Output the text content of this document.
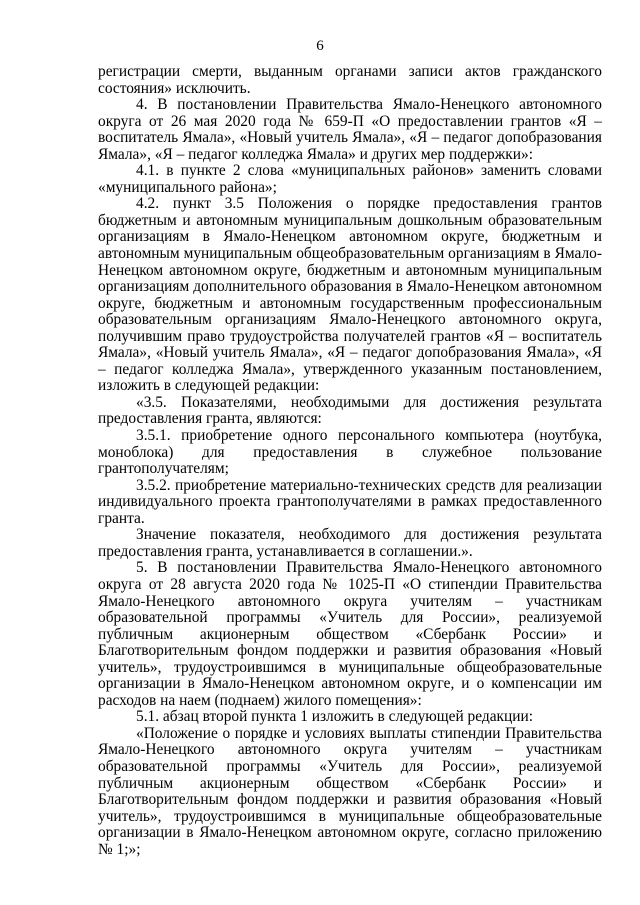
6

регистрации смерти, выданным органами записи актов гражданского состояния» исключить.

4. В постановлении Правительства Ямало-Ненецкого автономного округа от 26 мая 2020 года № 659-П «О предоставлении грантов «Я – воспитатель Ямала», «Новый учитель Ямала», «Я – педагог допобразования Ямала», «Я – педагог колледжа Ямала» и других мер поддержки»:

4.1. в пункте 2 слова «муниципальных районов» заменить словами «муниципального района»;

4.2. пункт 3.5 Положения о порядке предоставления грантов бюджетным и автономным муниципальным дошкольным образовательным организациям в Ямало-Ненецком автономном округе, бюджетным и автономным муниципальным общеобразовательным организациям в Ямало-Ненецком автономном округе, бюджетным и автономным муниципальным организациям дополнительного образования в Ямало-Ненецком автономном округе, бюджетным и автономным государственным профессиональным образовательным организациям Ямало-Ненецкого автономного округа, получившим право трудоустройства получателей грантов «Я – воспитатель Ямала», «Новый учитель Ямала», «Я – педагог допобразования Ямала», «Я – педагог колледжа Ямала», утвержденного указанным постановлением, изложить в следующей редакции:

«3.5. Показателями, необходимыми для достижения результата предоставления гранта, являются:

3.5.1. приобретение одного персонального компьютера (ноутбука, моноблока) для предоставления в служебное пользование грантополучателям;

3.5.2. приобретение материально-технических средств для реализации индивидуального проекта грантополучателями в рамках предоставленного гранта.

Значение показателя, необходимого для достижения результата предоставления гранта, устанавливается в соглашении.».

5. В постановлении Правительства Ямало-Ненецкого автономного округа от 28 августа 2020 года № 1025-П «О стипендии Правительства Ямало-Ненецкого автономного округа учителям – участникам образовательной программы «Учитель для России», реализуемой публичным акционерным обществом «Сбербанк России» и Благотворительным фондом поддержки и развития образования «Новый учитель», трудоустроившимся в муниципальные общеобразовательные организации в Ямало-Ненецком автономном округе, и о компенсации им расходов на наем (поднаем) жилого помещения»:

5.1. абзац второй пункта 1 изложить в следующей редакции:

«Положение о порядке и условиях выплаты стипендии Правительства Ямало-Ненецкого автономного округа учителям – участникам образовательной программы «Учитель для России», реализуемой публичным акционерным обществом «Сбербанк России» и Благотворительным фондом поддержки и развития образования «Новый учитель», трудоустроившимся в муниципальные общеобразовательные организации в Ямало-Ненецком автономном округе, согласно приложению № 1;»;
